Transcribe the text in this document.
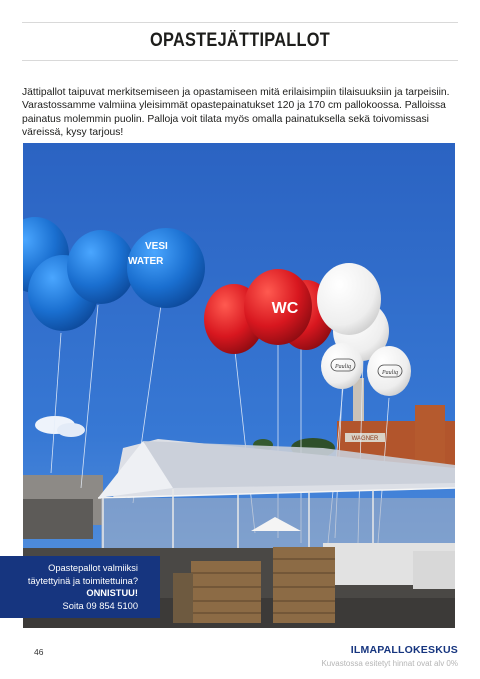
OPASTEJÄTTIPALLOT

Jättipallot taipuvat merkitsemiseen ja opastamiseen mitä erilaisimpiin tilaisuuksiin ja tarpeisiin. Varastossamme valmiina yleisimmät opastepainatukset 120 ja 170 cm pallokoossa. Palloissa painatus molemmin puolin. Palloja voit tilata myös omalla painatuksella sekä toivomissasi väreissä, kysy tarjous!

WAGNER
VESI
WATER
WC
Pauliq
Pauliq
Opastepallot valmiiksi
täytettyinä ja toimitettuina?
ONNISTUU!
Soita 09 854 5100
46	ILMAPALLOKESKUS
Kuvastossa esitetyt hinnat ovat alv 0%
